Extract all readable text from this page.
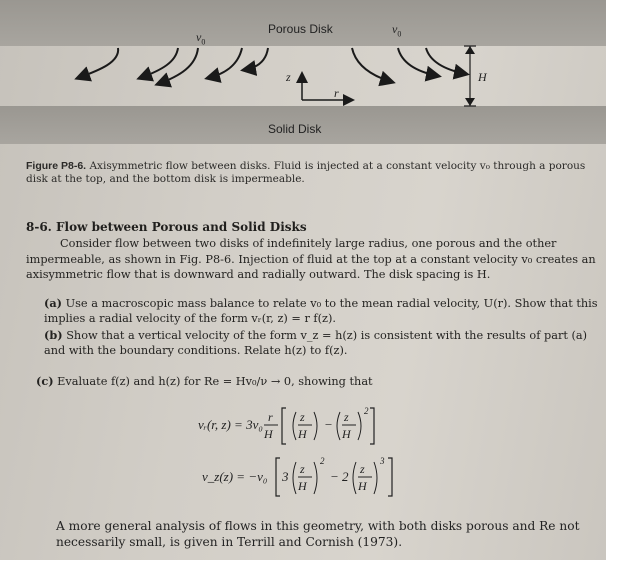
Porous Disk
Solid Disk
$v_0$
$v_0$
z
r
H
Figure P8-6. Axisymmetric flow between disks. Fluid is injected at a constant velocity v₀ through a porous disk at the top, and the bottom disk is impermeable.
8-6. Flow between Porous and Solid Disks
Consider flow between two disks of indefinitely large radius, one porous and the other impermeable, as shown in Fig. P8-6. Injection of fluid at the top at a constant velocity v₀ creates an axisymmetric flow that is downward and radially outward. The disk spacing is H.
(a) Use a macroscopic mass balance to relate v₀ to the mean radial velocity, U(r). Show that this implies a radial velocity of the form vᵣ(r, z) = r f(z).
(b) Show that a vertical velocity of the form v_z = h(z) is consistent with the results of part (a) and with the boundary conditions. Relate h(z) to f(z).
(c) Evaluate f(z) and h(z) for Re = Hv₀/ν → 0, showing that
vᵣ(r, z) = 3v₀ r
H
z
H
− z
H
2
v_z(z) = −v₀ 3 z
H
2
− 2 z
H
3
A more general analysis of flows in this geometry, with both disks porous and Re not necessarily small, is given in Terrill and Cornish (1973).
